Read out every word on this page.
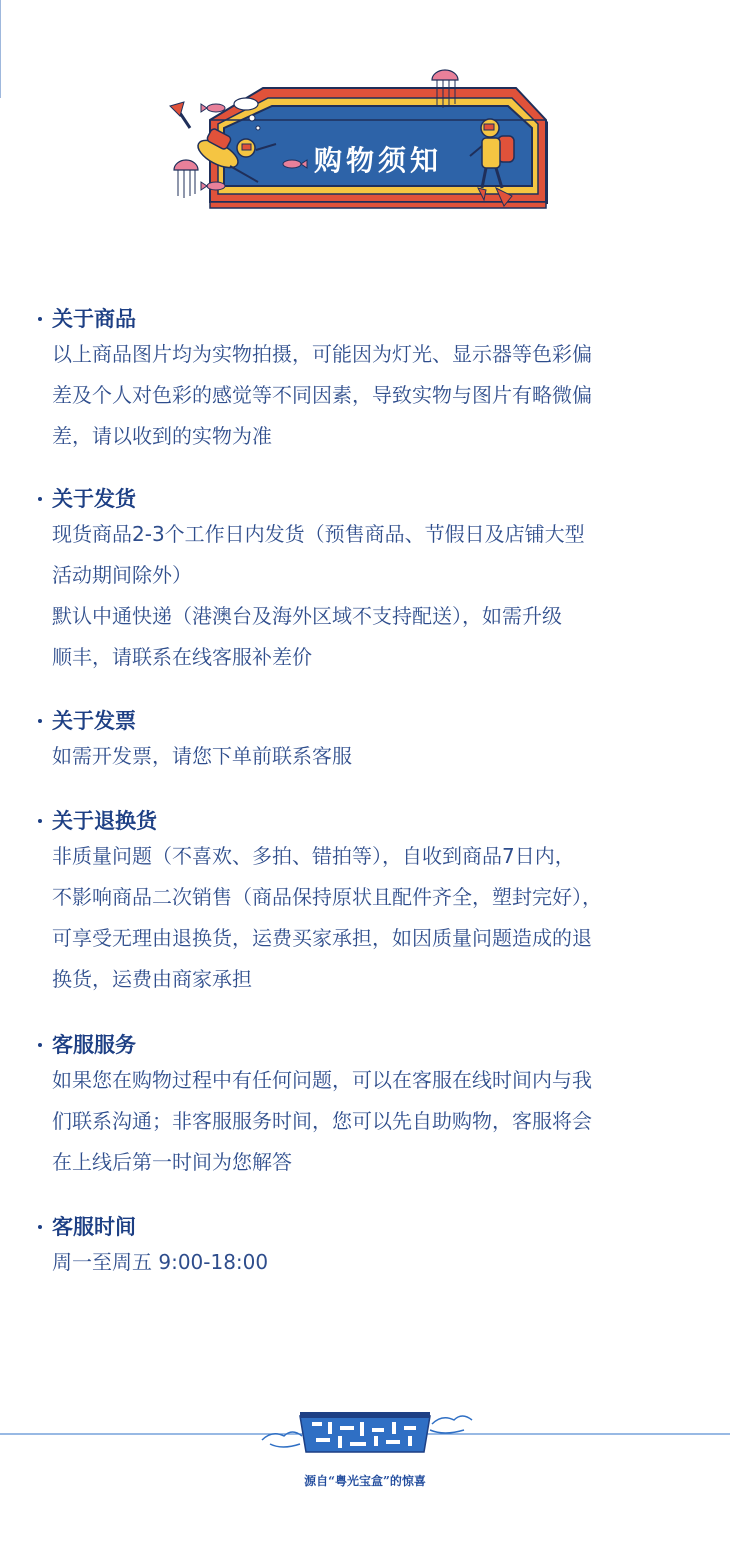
购物须知
关于商品
以上商品图片均为实物拍摄，可能因为灯光、显示器等色彩偏
差及个人对色彩的感觉等不同因素，导致实物与图片有略微偏
差，请以收到的实物为准
关于发货
现货商品2-3个工作日内发货（预售商品、节假日及店铺大型
活动期间除外）
默认中通快递（港澳台及海外区域不支持配送），如需升级
顺丰，请联系在线客服补差价
关于发票
如需开发票，请您下单前联系客服
关于退换货
非质量问题（不喜欢、多拍、错拍等），自收到商品7日内，
不影响商品二次销售（商品保持原状且配件齐全，塑封完好），
可享受无理由退换货，运费买家承担，如因质量问题造成的退
换货，运费由商家承担
客服服务
如果您在购物过程中有任何问题，可以在客服在线时间内与我
们联系沟通；非客服服务时间，您可以先自助购物，客服将会
在上线后第一时间为您解答
客服时间
周一至周五 9:00-18:00
源自“粤光宝盒”的惊喜
